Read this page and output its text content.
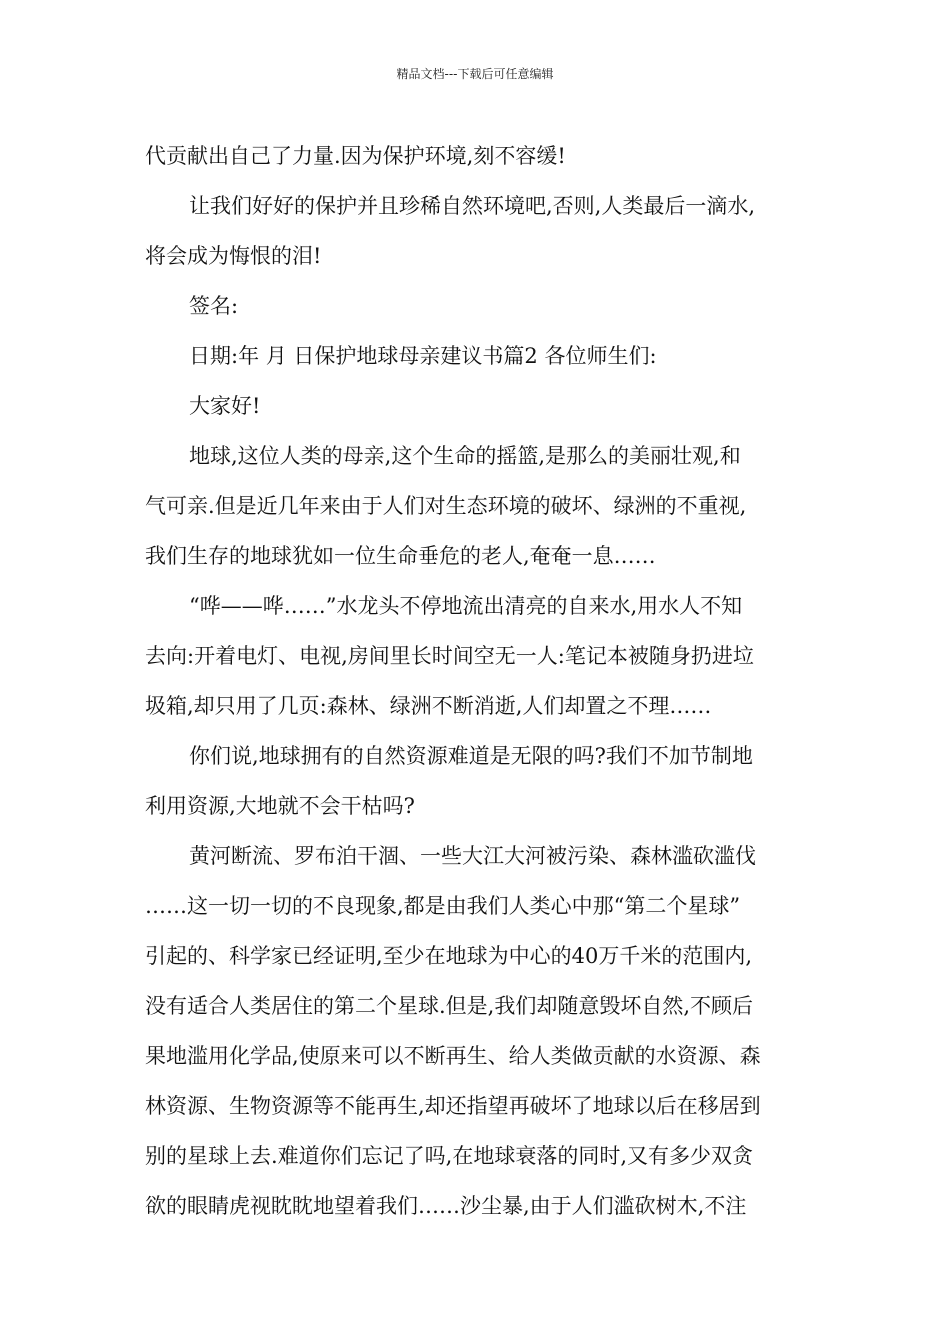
精品文档---下载后可任意编辑
代贡献出自己了力量.因为保护环境,刻不容缓!
让我们好好的保护并且珍稀自然环境吧,否则,人类最后一滴水,
将会成为悔恨的泪!
签名:
日期:年 月 日保护地球母亲建议书篇2 各位师生们:
大家好!
地球,这位人类的母亲,这个生命的摇篮,是那么的美丽壮观,和
气可亲.但是近几年来由于人们对生态环境的破坏、绿洲的不重视,
我们生存的地球犹如一位生命垂危的老人,奄奄一息……
“哗——哗……”水龙头不停地流出清亮的自来水,用水人不知
去向:开着电灯、电视,房间里长时间空无一人:笔记本被随身扔进垃
圾箱,却只用了几页:森林、绿洲不断消逝,人们却置之不理……
你们说,地球拥有的自然资源难道是无限的吗?我们不加节制地
利用资源,大地就不会干枯吗?
黄河断流、罗布泊干涸、一些大江大河被污染、森林滥砍滥伐
……这一切一切的不良现象,都是由我们人类心中那“第二个星球”
引起的、科学家已经证明,至少在地球为中心的40万千米的范围内,
没有适合人类居住的第二个星球.但是,我们却随意毁坏自然,不顾后
果地滥用化学品,使原来可以不断再生、给人类做贡献的水资源、森
林资源、生物资源等不能再生,却还指望再破坏了地球以后在移居到
别的星球上去.难道你们忘记了吗,在地球衰落的同时,又有多少双贪
欲的眼睛虎视眈眈地望着我们……沙尘暴,由于人们滥砍树木,不注
